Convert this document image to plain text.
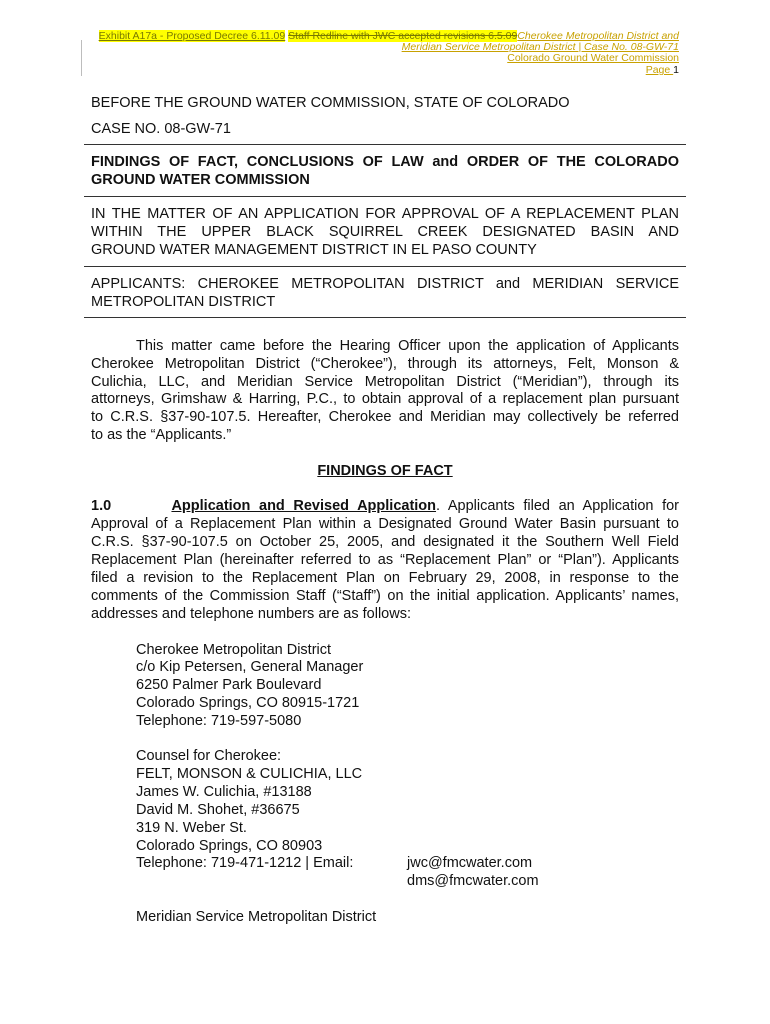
Exhibit A17a - Proposed Decree 6.11.09 Staff Redline with JWC accepted revisions 6.5.09Cherokee Metropolitan District and
Meridian Service Metropolitan District | Case No. 08-GW-71
Colorado Ground Water Commission
Page 1
BEFORE THE GROUND WATER COMMISSION, STATE OF COLORADO
CASE NO. 08-GW-71
FINDINGS OF FACT, CONCLUSIONS OF LAW and ORDER OF THE COLORADO
GROUND WATER COMMISSION
IN THE MATTER OF AN APPLICATION FOR APPROVAL OF A REPLACEMENT PLAN
WITHIN THE UPPER BLACK SQUIRREL CREEK DESIGNATED BASIN AND
GROUND WATER MANAGEMENT DISTRICT IN EL PASO COUNTY
APPLICANTS: CHEROKEE METROPOLITAN DISTRICT and MERIDIAN SERVICE
METROPOLITAN DISTRICT
This matter came before the Hearing Officer upon the application of Applicants
Cherokee Metropolitan District (“Cherokee”), through its attorneys, Felt, Monson &
Culichia, LLC, and Meridian Service Metropolitan District (“Meridian”), through its
attorneys, Grimshaw & Harring, P.C., to obtain approval of a replacement plan pursuant
to C.R.S. §37-90-107.5. Hereafter, Cherokee and Meridian may collectively be referred
to as the “Applicants.”
FINDINGS OF FACT
1.0	Application and Revised Application. Applicants filed an Application for
Approval of a Replacement Plan within a Designated Ground Water Basin pursuant to
C.R.S. §37-90-107.5 on October 25, 2005, and designated it the Southern Well Field
Replacement Plan (hereinafter referred to as “Replacement Plan” or “Plan”). Applicants
filed a revision to the Replacement Plan on February 29, 2008, in response to the
comments of the Commission Staff (“Staff”) on the initial application. Applicants’ names,
addresses and telephone numbers are as follows:
Cherokee Metropolitan District
c/o Kip Petersen, General Manager
6250 Palmer Park Boulevard
Colorado Springs, CO 80915-1721
Telephone: 719-597-5080
Counsel for Cherokee:
FELT, MONSON & CULICHIA, LLC
James W. Culichia, #13188
David M. Shohet, #36675
319 N. Weber St.
Colorado Springs, CO 80903
Telephone: 719-471-1212 | Email:	jwc@fmcwater.com
dms@fmcwater.com
Meridian Service Metropolitan District
